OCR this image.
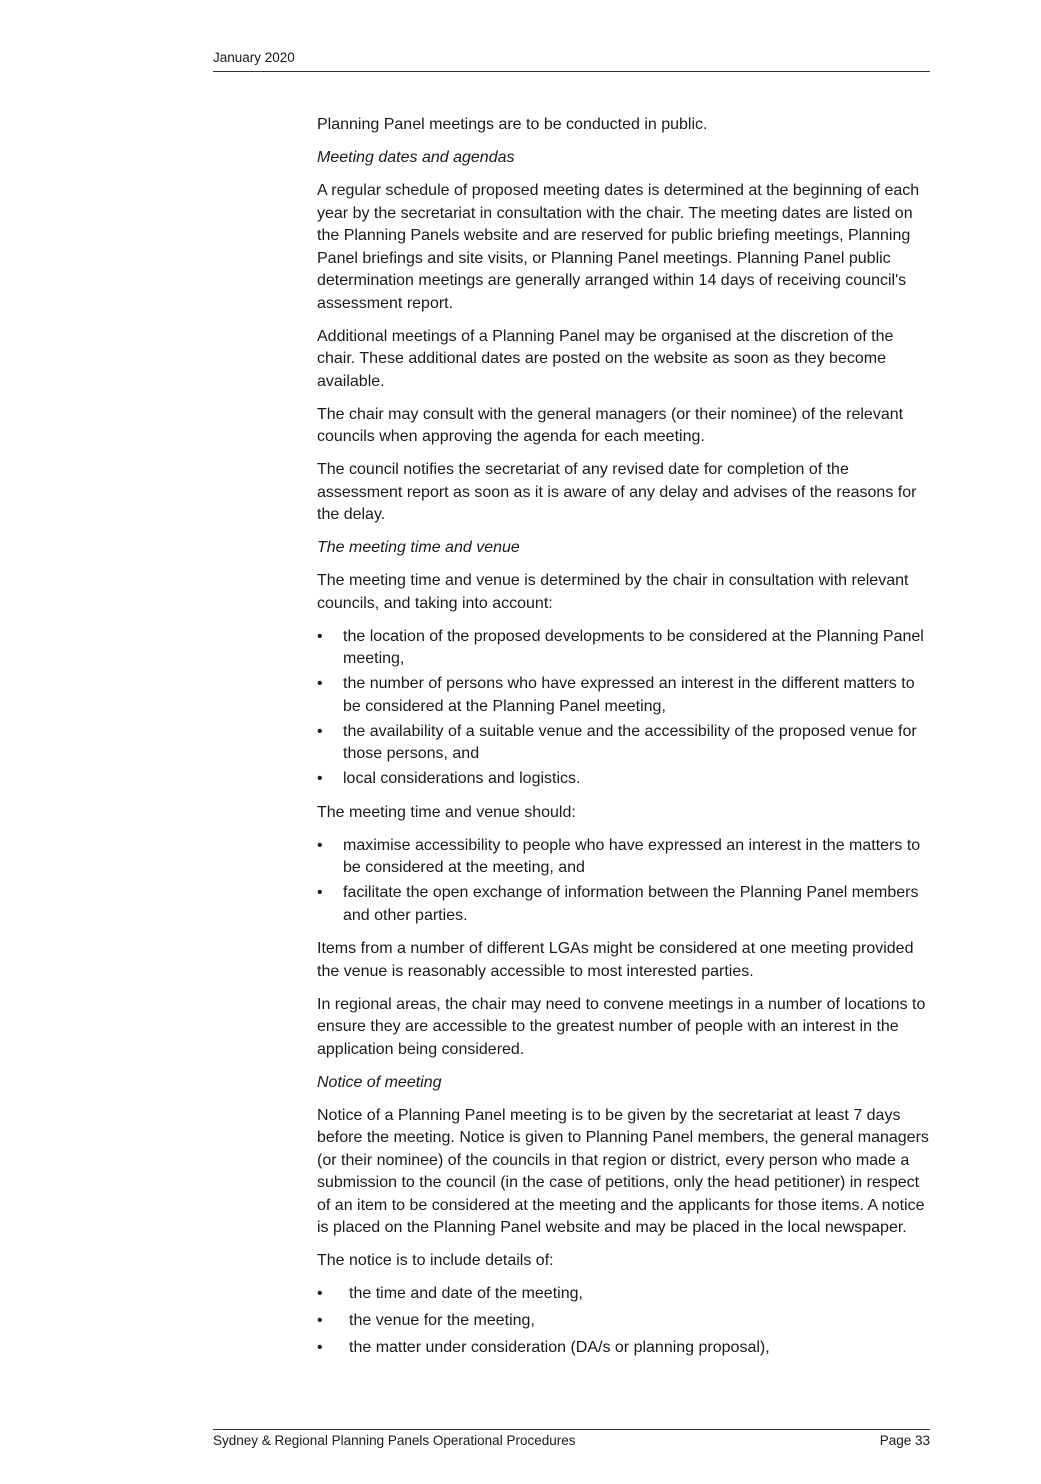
January 2020

Planning Panel meetings are to be conducted in public.

Meeting dates and agendas

A regular schedule of proposed meeting dates is determined at the beginning of each year by the secretariat in consultation with the chair. The meeting dates are listed on the Planning Panels website and are reserved for public briefing meetings, Planning Panel briefings and site visits, or Planning Panel meetings. Planning Panel public determination meetings are generally arranged within 14 days of receiving council's assessment report.

Additional meetings of a Planning Panel may be organised at the discretion of the chair. These additional dates are posted on the website as soon as they become available.

The chair may consult with the general managers (or their nominee) of the relevant councils when approving the agenda for each meeting.

The council notifies the secretariat of any revised date for completion of the assessment report as soon as it is aware of any delay and advises of the reasons for the delay.

The meeting time and venue

The meeting time and venue is determined by the chair in consultation with relevant councils, and taking into account:

• the location of the proposed developments to be considered at the Planning Panel meeting,
• the number of persons who have expressed an interest in the different matters to be considered at the Planning Panel meeting,
• the availability of a suitable venue and the accessibility of the proposed venue for those persons, and
• local considerations and logistics.

The meeting time and venue should:

• maximise accessibility to people who have expressed an interest in the matters to be considered at the meeting, and
• facilitate the open exchange of information between the Planning Panel members and other parties.

Items from a number of different LGAs might be considered at one meeting provided the venue is reasonably accessible to most interested parties.

In regional areas, the chair may need to convene meetings in a number of locations to ensure they are accessible to the greatest number of people with an interest in the application being considered.

Notice of meeting

Notice of a Planning Panel meeting is to be given by the secretariat at least 7 days before the meeting. Notice is given to Planning Panel members, the general managers (or their nominee) of the councils in that region or district, every person who made a submission to the council (in the case of petitions, only the head petitioner) in respect of an item to be considered at the meeting and the applicants for those items. A notice is placed on the Planning Panel website and may be placed in the local newspaper.

The notice is to include details of:

• the time and date of the meeting,
• the venue for the meeting,
• the matter under consideration (DA/s or planning proposal),
Sydney & Regional Planning Panels Operational Procedures	Page 33
